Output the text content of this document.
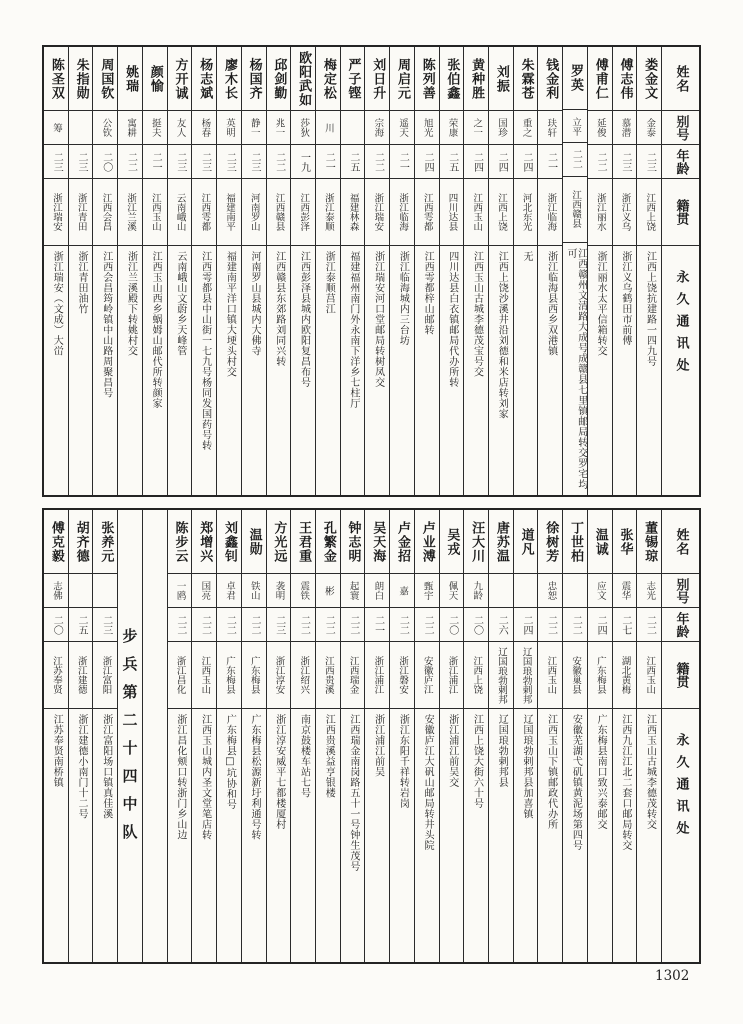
姓名
别号
年龄
籍贯
永久通讯处
娄金文
金泰
二三
江西上饶
江西上饶抗建路一四九号
傅志伟
慕潜
二三
浙江义乌
浙江义乌鹤田市前傅
傅甫仁
延俊
二二
浙江丽水
浙江丽水太平信箱转交
罗英
立平
二二
江西赣县
江西赣州文清路大成号成赣县七里镇邮局转交罗宅均可
钱金利
玞轩
二一
浙江临海
浙江临海县西乡双港镇
朱霖苍
重之
二四
河北东光
无
刘振
国珍
二四
江西上饶
江西上饶沙溪井沿刘德和米店转刘家
黄种胜
之一
二四
江西玉山
江西玉山古城李德茂宝号交
张伯鑫
荣康
二五
四川达县
四川达县白衣镇邮局代办所转
陈列善
旭光
二四
江西雩都
江西雩都梓山邮转
周启元
遥天
二一
浙江临海
浙江临海城内三台坊
刘日升
宗海
二二
浙江瑞安
浙江瑞安河口堂邮局转树凤交
严子铿
二五
福建林森
福建福州南门外永南下洋乡七柱厅
梅定松
川
二一
浙江泰顺
浙江泰顺莒江
欧阳武如
莎狄
一九
江西彭泽
江西彭泽县城内欧阳复昌布号
邱剑勤
兆一
二二
江西赣县
江西赣县东郊路刘同兴转
杨国齐
静一
二三
河南罗山
河南罗山县城内大佛寺
廖木长
英明
二三
福建南平
福建南平洋口镇大埂头村交
杨志斌
杨春
二三
江西雩都
江西雩都县中山街一七九号杨同发国药号转
方开诚
友人
二三
云南峨山
云南峨山文蔚乡天峰管
颜愉
挺夫
二一
江西玉山
江西玉山西乡蜗姆山邮代所转颜家
姚瑞
寓耕
二二
浙江兰溪
浙江兰溪殿下转姚村交
周国钦
公钦
二〇
江西会昌
江西会昌筠岭镇中山路周聚昌号
朱指勋
二三
浙江青田
浙江青田油竹
陈圣双
筹
二三
浙江瑞安
浙江瑞安（文成）大峃
姓名
别号
年龄
籍贯
永久通讯处
董锡琼
志光
二二
江西玉山
江西玉山古城李德茂转交
张华
震华
二七
湖北黄梅
江西九江江北二套口邮局转交
温诚
应文
二四
广东梅县
广东梅县南口致兴泰邮交
丁世柏
二二
安徽巢县
安徽芜湖弋矶镇黄泥场第四号
徐树芳
忠恕
二二
江西玉山
江西玉山下镇邮政代办所
道凡
二四
辽国琅勃剌邦
辽国琅勃剌邦县加喜镇
唐苏温
二六
辽国琅勃剌邦
辽国琅勃剌邦县
汪大川
九龄
二〇
江西上饶
江西上饶大街六十号
吴戎
佩天
二〇
浙江浦江
浙江浦江前吴交
卢业溥
甄宇
二二
安徽庐江
安徽庐江大矾山邮局转井头院
卢金招
嘉
二二
浙江磐安
浙江东阳千祥转岩岗
吴天海
朗白
二一
浙江浦江
浙江浦江前吴
钟志明
起寰
二二
江西瑞金
江西瑞金南岗路五十一号钟生茂号
孔繁金
彬
二二
江西贵溪
江西贵溪益亨银楼
王君重
震铁
二二
浙江绍兴
南京鼓楼车站七号
方光远
袭明
二三
浙江淳安
浙江淳安威平七都楼厦村
温勋
铁山
二二
广东梅县
广东梅县松源新圩利通号转
刘鑫钊
卓君
二二
广东梅县
广东梅县□坑协和号
郑增兴
国亮
二二
江西玉山
江西玉山城内圣文堂笔店转
陈步云
一鸥
二二
浙江昌化
浙江昌化颊口转浙门乡山边
步兵第二十四中队
张养元
二三
浙江富阳
浙江富阳场口镇真佳溪
胡齐德
二五
浙江建德
浙江建德小南门十二号
傅克毅
志佛
二〇
江苏奉贤
江苏奉贤南桥镇
1302
